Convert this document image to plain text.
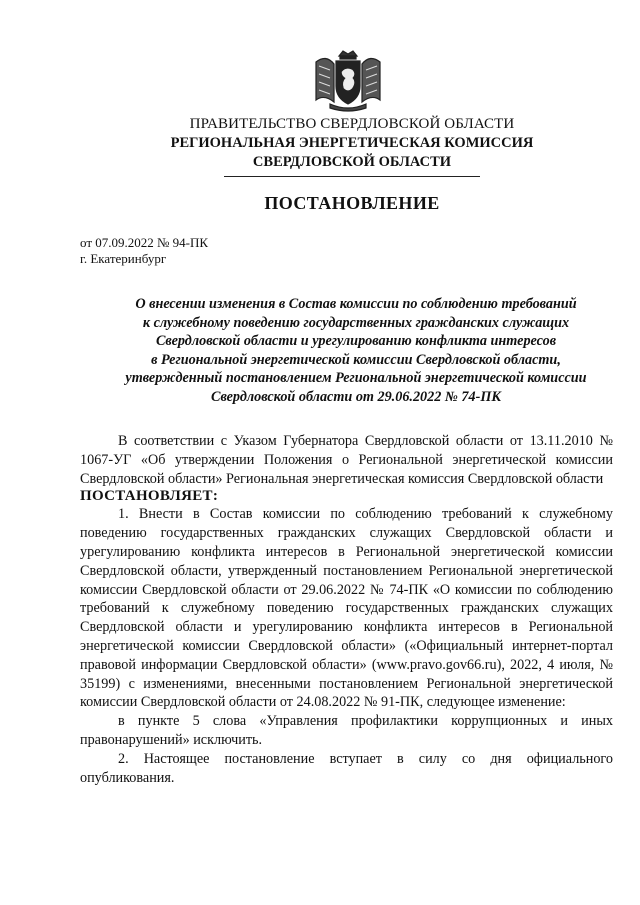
ПРАВИТЕЛЬСТВО СВЕРДЛОВСКОЙ ОБЛАСТИ
РЕГИОНАЛЬНАЯ ЭНЕРГЕТИЧЕСКАЯ КОМИССИЯ
СВЕРДЛОВСКОЙ ОБЛАСТИ
ПОСТАНОВЛЕНИЕ
от 07.09.2022 № 94-ПК
г. Екатеринбург
О внесении изменения в Состав комиссии по соблюдению требований
к служебному поведению государственных гражданских служащих
Свердловской области и урегулированию конфликта интересов
в Региональной энергетической комиссии Свердловской области,
утвержденный постановлением Региональной энергетической комиссии
Свердловской области от 29.06.2022 № 74-ПК

В соответствии с Указом Губернатора Свердловской области от 13.11.2010 № 1067-УГ «Об утверждении Положения о Региональной энергетической комиссии Свердловской области» Региональная энергетическая комиссия Свердловской области

ПОСТАНОВЛЯЕТ:

1. Внести в Состав комиссии по соблюдению требований к служебному поведению государственных гражданских служащих Свердловской области и урегулированию конфликта интересов в Региональной энергетической комиссии Свердловской области, утвержденный постановлением Региональной энергетической комиссии Свердловской области от 29.06.2022 № 74-ПК «О комиссии по соблюдению требований к служебному поведению государственных гражданских служащих Свердловской области и урегулированию конфликта интересов в Региональной энергетической комиссии Свердловской области» («Официальный интернет-портал правовой информации Свердловской области» (www.pravo.gov66.ru), 2022, 4 июля, № 35199) с изменениями, внесенными постановлением Региональной энергетической комиссии Свердловской области от 24.08.2022 № 91-ПК, следующее изменение:

в пункте 5 слова «Управления профилактики коррупционных и иных правонарушений» исключить.

2. Настоящее постановление вступает в силу со дня официального опубликования.
